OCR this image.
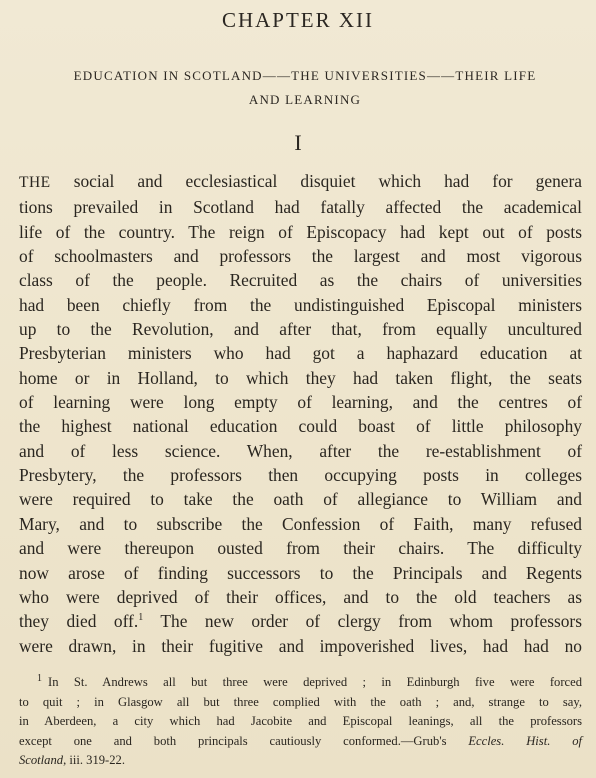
CHAPTER XII
EDUCATION IN SCOTLAND——THE UNIVERSITIES——THEIR LIFE
AND LEARNING
I
THE social and ecclesiastical disquiet which had for genera
tions prevailed in Scotland had fatally affected the academical
life of the country. The reign of Episcopacy had kept out of posts
of schoolmasters and professors the largest and most vigorous
class of the people. Recruited as the chairs of universities
had been chiefly from the undistinguished Episcopal ministers
up to the Revolution, and after that, from equally uncultured
Presbyterian ministers who had got a haphazard education at
home or in Holland, to which they had taken flight, the seats
of learning were long empty of learning, and the centres of
the highest national education could boast of little philosophy
and of less science. When, after the re-establishment of
Presbytery, the professors then occupying posts in colleges
were required to take the oath of allegiance to William and
Mary, and to subscribe the Confession of Faith, many refused
and were thereupon ousted from their chairs. The difficulty
now arose of finding successors to the Principals and Regents
who were deprived of their offices, and to the old teachers as
they died off.$^1$ The new order of clergy from whom professors
were drawn, in their fugitive and impoverished lives, had had no
$^1$ In St. Andrews all but three were deprived ; in Edinburgh five were forced
to quit ; in Glasgow all but three complied with the oath ; and, strange to say,
in Aberdeen, a city which had Jacobite and Episcopal leanings, all the professors
except one and both principals cautiously conformed.—Grub's Eccles. Hist. of
Scotland, iii. 319-22.
